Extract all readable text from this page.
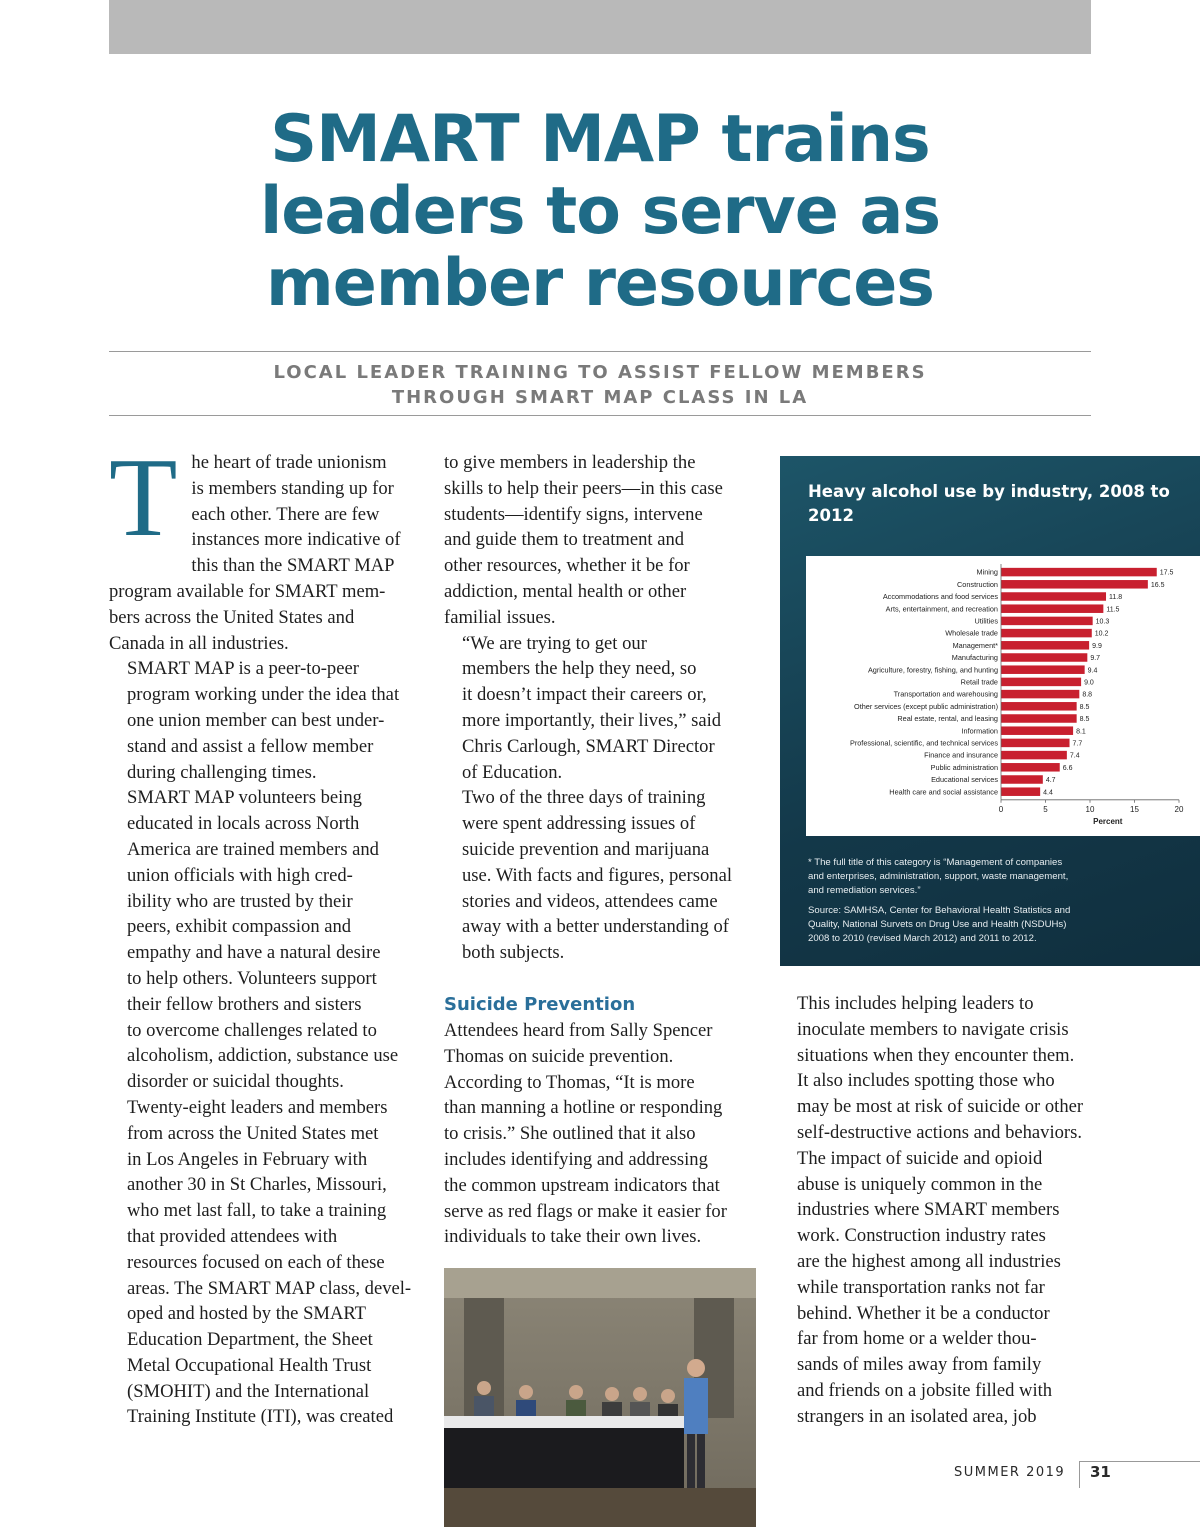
SMART MAP trains
leaders to serve as
member resources
LOCAL LEADER TRAINING TO ASSIST FELLOW MEMBERS
THROUGH SMART MAP CLASS IN LA

T he heart of trade unionism
is members standing up for
each other. There are few
instances more indicative of
this than the SMART MAP
program available for SMART mem-
bers across the United States and
Canada in all industries.

SMART MAP is a peer-to-peer
program working under the idea that
one union member can best under-
stand and assist a fellow member
during challenging times.

SMART MAP volunteers being
educated in locals across North
America are trained members and
union officials with high cred-
ibility who are trusted by their
peers, exhibit compassion and
empathy and have a natural desire
to help others. Volunteers support
their fellow brothers and sisters
to overcome challenges related to
alcoholism, addiction, substance use
disorder or suicidal thoughts.

Twenty-eight leaders and members
from across the United States met
in Los Angeles in February with
another 30 in St Charles, Missouri,
who met last fall, to take a training
that provided attendees with
resources focused on each of these
areas. The SMART MAP class, devel-
oped and hosted by the SMART
Education Department, the Sheet
Metal Occupational Health Trust
(SMOHIT) and the International
Training Institute (ITI), was created

to give members in leadership the
skills to help their peers—in this case
students—identify signs, intervene
and guide them to treatment and
other resources, whether it be for
addiction, mental health or other
familial issues.

“We are trying to get our
members the help they need, so
it doesn’t impact their careers or,
more importantly, their lives,” said
Chris Carlough, SMART Director
of Education.

Two of the three days of training
were spent addressing issues of
suicide prevention and marijuana
use. With facts and figures, personal
stories and videos, attendees came
away with a better understanding of
both subjects.

Suicide Prevention

Attendees heard from Sally Spencer
Thomas on suicide prevention.
According to Thomas, “It is more
than manning a hotline or responding
to crisis.” She outlined that it also
includes identifying and addressing
the common upstream indicators that
serve as red flags or make it easier for
individuals to take their own lives.

This includes helping leaders to
inoculate members to navigate crisis
situations when they encounter them.
It also includes spotting those who
may be most at risk of suicide or other
self-destructive actions and behaviors.

The impact of suicide and opioid
abuse is uniquely common in the
industries where SMART members
work. Construction industry rates
are the highest among all industries
while transportation ranks not far
behind. Whether it be a conductor
far from home or a welder thou-
sands of miles away from family
and friends on a jobsite filled with
strangers in an isolated area, job

Heavy alcohol use by industry, 2008 to 2012
Mining	17.5
Construction	16.5
Accommodations and food services	11.8
Arts, entertainment, and recreation	11.5
Utilities	10.3
Wholesale trade	10.2
Management*	9.9
Manufacturing	9.7
Agriculture, forestry, fishing, and hunting	9.4
Retail trade	9.0
Transportation and warehousing	8.8
Other services (except public administration)	8.5
Real estate, rental, and leasing	8.5
Information	8.1
Professional, scientific, and technical services	7.7
Finance and insurance	7.4
Public administration	6.6
Educational services	4.7
Health care and social assistance	4.4
0	5	10	15	20
Percent
* The full title of this category is “Management of companies
and enterprises, administration, support, waste management,
and remediation services.”
Source: SAMHSA, Center for Behavioral Health Statistics and
Quality, National Survets on Drug Use and Health (NSDUHs)
2008 to 2010 (revised March 2012) and 2011 to 2012.
SUMMER 2019 31
